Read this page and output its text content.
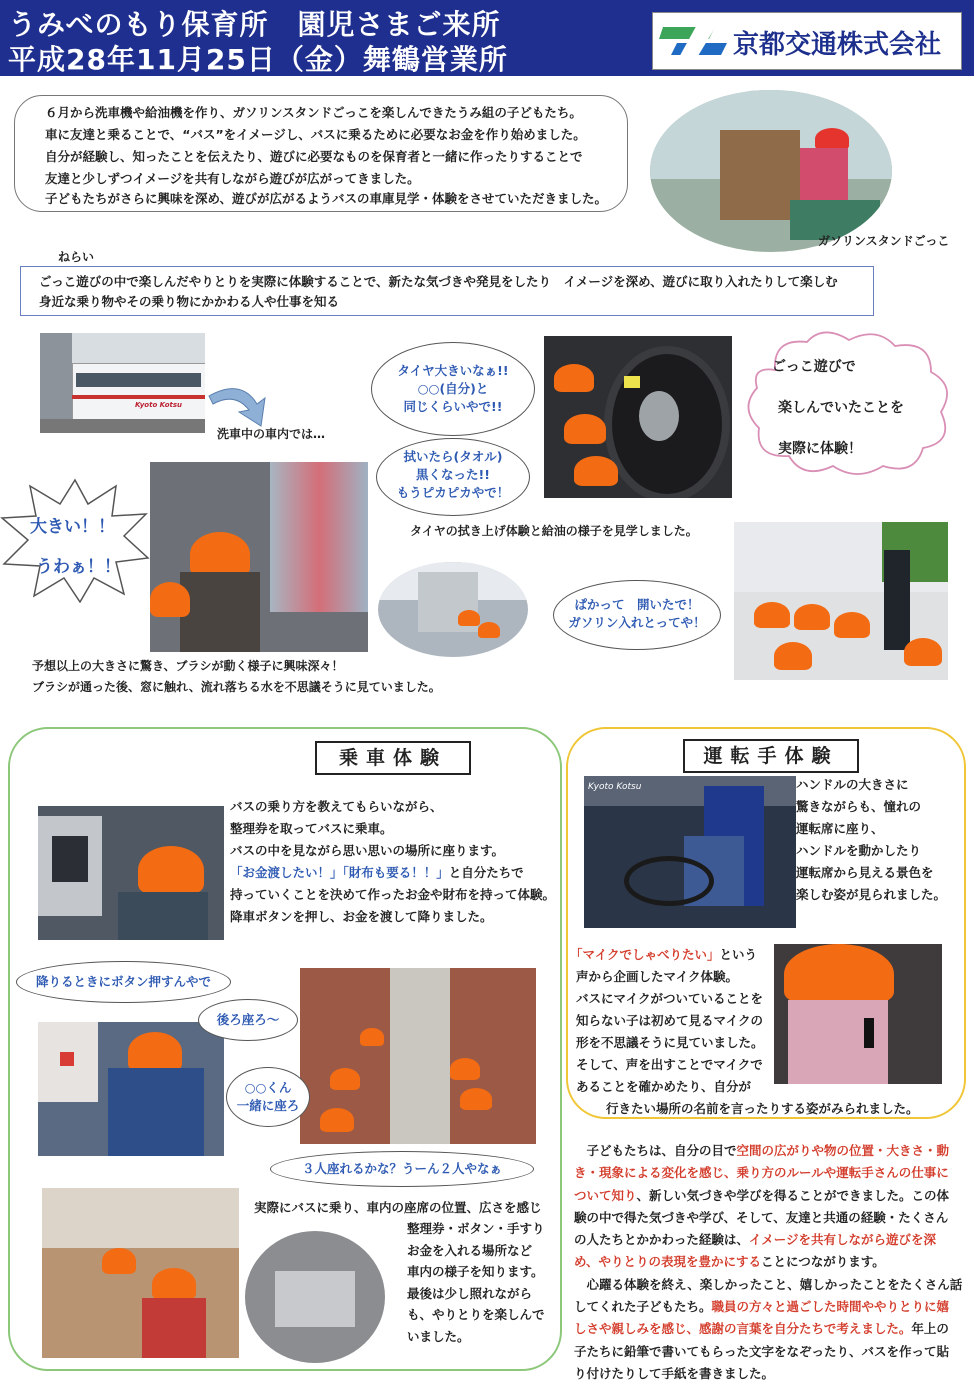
うみべのもり保育所　園児さまご来所
平成28年11月25日（金）舞鶴営業所	京都交通株式会社
６月から洗車機や給油機を作り、ガソリンスタンドごっこを楽しんできたうみ組の子どもたち。
車に友達と乗ることで、“バス”をイメージし、バスに乗るために必要なお金を作り始めました。
自分が経験し、知ったことを伝えたり、遊びに必要なものを保育者と一緒に作ったりすることで
友達と少しずつイメージを共有しながら遊びが広がってきました。
子どもたちがさらに興味を深め、遊びが広がるようバスの車庫見学・体験をさせていただきました。
ガソリンスタンドごっこ
ねらい
ごっこ遊びの中で楽しんだやりとりを実際に体験することで、新たな気づきや発見をしたり　イメージを深め、遊びに取り入れたりして楽しむ
身近な乗り物やその乗り物にかかわる人や仕事を知る
Kyoto Kotsu
洗車中の車内では…
大きい！！
うわぁ！！
予想以上の大きさに驚き、ブラシが動く様子に興味深々！
ブラシが通った後、窓に触れ、流れ落ちる水を不思議そうに見ていました。
タイヤ大きいなぁ!!
○○(自分)と
同じくらいやで!!
拭いたら(タオル)
黒くなった!!
もうピカピカやで！
ごっこ遊びで
楽しんでいたことを
実際に体験！
タイヤの拭き上げ体験と給油の様子を見学しました。
ぱかって　開いたで！
ガソリン入れとってや！
乗車体験
バスの乗り方を教えてもらいながら、
整理券を取ってバスに乗車。
バスの中を見ながら思い思いの場所に座ります。
「お金渡したい！」「財布も要る！！」と自分たちで
持っていくことを決めて作ったお金や財布を持って体験。
降車ボタンを押し、お金を渡して降りました。
降りるときにボタン押すんやで
後ろ座ろ～
○○くん
一緒に座ろ
３人座れるかな？うーん２人やなぁ
実際にバスに乗り、車内の座席の位置、広さを感じ
整理券・ボタン・手すり
お金を入れる場所など
車内の様子を知ります。
最後は少し照れながら
も、やりとりを楽しんで
いました。
運転手体験
Kyoto Kotsu	ハンドルの大きさに
驚きながらも、憧れの
運転席に座り、
ハンドルを動かしたり
運転席から見える景色を
楽しむ姿が見られました。
「マイクでしゃべりたい」という
声から企画したマイク体験。
バスにマイクがついていることを
知らない子は初めて見るマイクの
形を不思議そうに見ていました。
そして、声を出すことでマイクで
あることを確かめたり、自分が
行きたい場所の名前を言ったりする姿がみられました。
　子どもたちは、自分の目で空間の広がりや物の位置・大きさ・動
き・現象による変化を感じ、乗り方のルールや運転手さんの仕事に
ついて知り、新しい気づきや学びを得ることができました。この体
験の中で得た気づきや学び、そして、友達と共通の経験・たくさん
の人たちとかかわった経験は、イメージを共有しながら遊びを深
め、やりとりの表現を豊かにすることにつながります。
　心躍る体験を終え、楽しかったこと、嬉しかったことをたくさん話
してくれた子どもたち。職員の方々と過ごした時間ややりとりに嬉
しさや親しみを感じ、感謝の言葉を自分たちで考えました。年上の
子たちに鉛筆で書いてもらった文字をなぞったり、バスを作って貼
り付けたりして手紙を書きました。
